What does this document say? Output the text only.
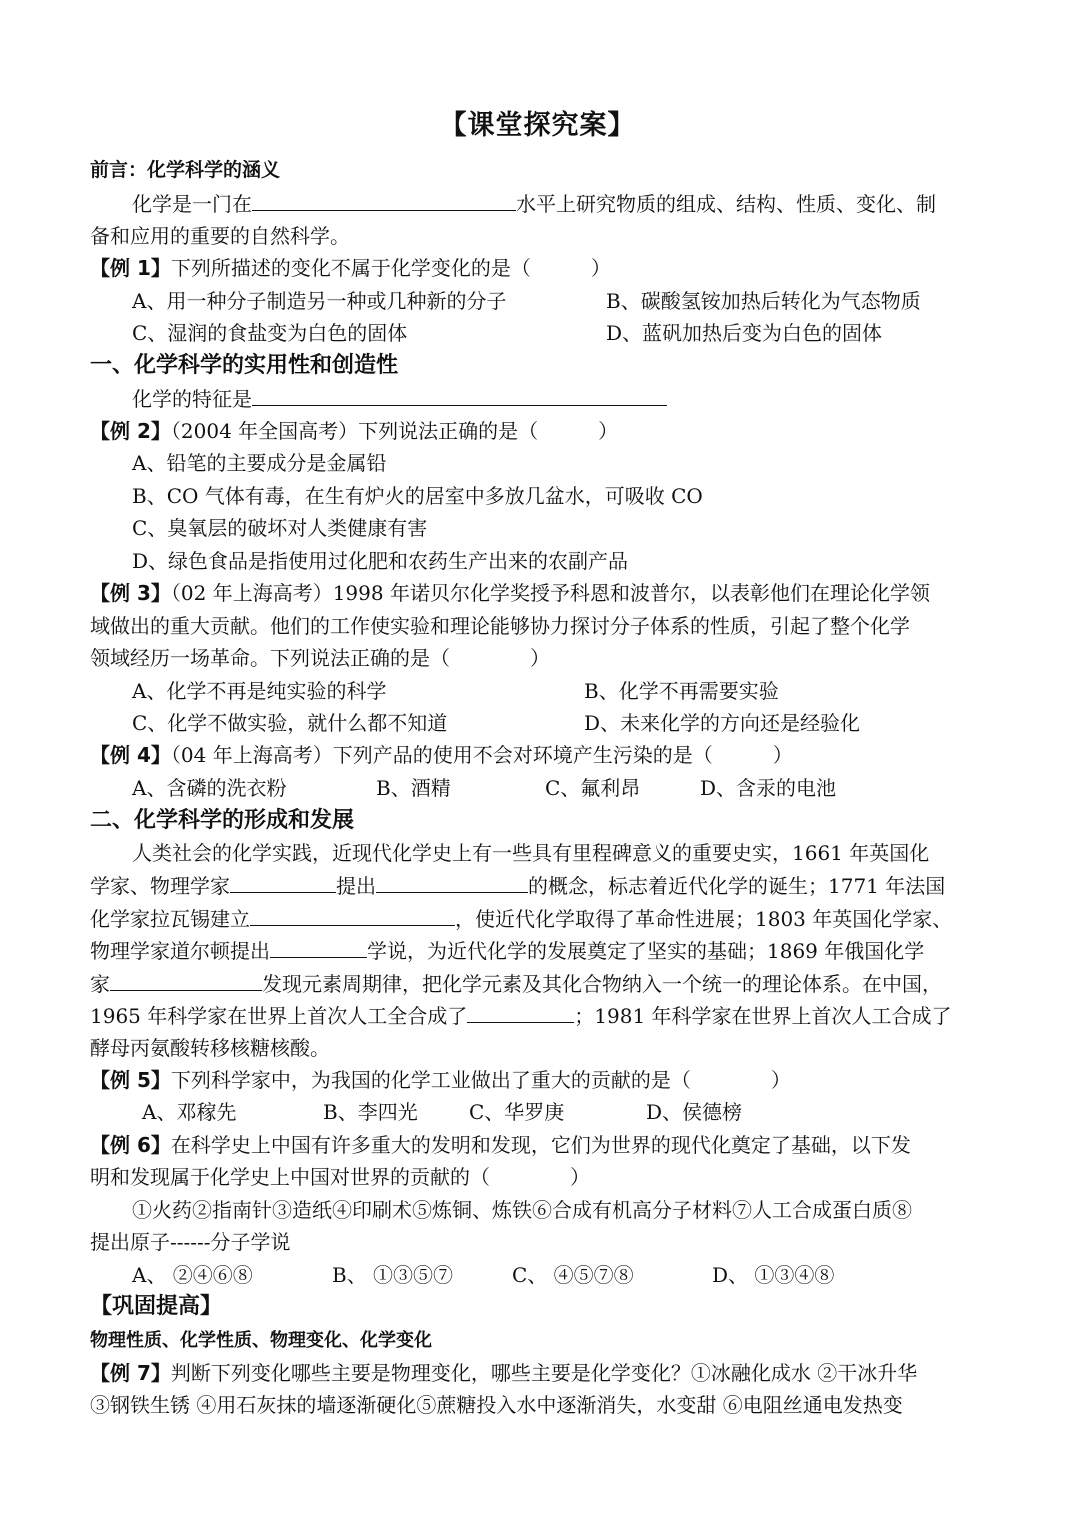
【课堂探究案】
前言：化学科学的涵义
化学是一门在	水平上研究物质的组成、结构、性质、变化、制
备和应用的重要的自然科学。
【例 1】下列所描述的变化不属于化学变化的是（　　　）
A、用一种分子制造另一种或几种新的分子	B、碳酸氢铵加热后转化为气态物质
C、湿润的食盐变为白色的固体	D、蓝矾加热后变为白色的固体
一、化学科学的实用性和创造性
化学的特征是
【例 2】（2004 年全国高考）下列说法正确的是（　　　）
A、铅笔的主要成分是金属铅
B、CO 气体有毒，在生有炉火的居室中多放几盆水，可吸收 CO
C、臭氧层的破坏对人类健康有害
D、绿色食品是指使用过化肥和农药生产出来的农副产品
【例 3】（02 年上海高考）1998 年诺贝尔化学奖授予科恩和波普尔，以表彰他们在理论化学领
域做出的重大贡献。他们的工作使实验和理论能够协力探讨分子体系的性质，引起了整个化学
领域经历一场革命。下列说法正确的是（　　　　）
A、化学不再是纯实验的科学	B、化学不再需要实验
C、化学不做实验，就什么都不知道	D、未来化学的方向还是经验化
【例 4】（04 年上海高考）下列产品的使用不会对环境产生污染的是（　　　）
A、含磷的洗衣粉	B、酒精	C、氟利昂	D、含汞的电池
二、化学科学的形成和发展
人类社会的化学实践，近现代化学史上有一些具有里程碑意义的重要史实，1661 年英国化
学家、物理学家	提出	的概念，标志着近代化学的诞生；1771 年法国
化学家拉瓦锡建立	，使近代化学取得了革命性进展；1803 年英国化学家、
物理学家道尔顿提出	学说，为近代化学的发展奠定了坚实的基础；1869 年俄国化学
家	发现元素周期律，把化学元素及其化合物纳入一个统一的理论体系。在中国，
1965 年科学家在世界上首次人工全合成了	；1981 年科学家在世界上首次人工合成了
酵母丙氨酸转移核糖核酸。
【例 5】下列科学家中，为我国的化学工业做出了重大的贡献的是（　　　　）
A、邓稼先	B、李四光	C、华罗庚	D、侯德榜
【例 6】在科学史上中国有许多重大的发明和发现，它们为世界的现代化奠定了基础，以下发
明和发现属于化学史上中国对世界的贡献的（　　　　）
①火药②指南针③造纸④印刷术⑤炼铜、炼铁⑥合成有机高分子材料⑦人工合成蛋白质⑧
提出原子------分子学说
A、 ②④⑥⑧	B、 ①③⑤⑦	C、 ④⑤⑦⑧	D、 ①③④⑧
【巩固提高】
物理性质、化学性质、物理变化、化学变化
【例 7】判断下列变化哪些主要是物理变化，哪些主要是化学变化？①冰融化成水 ②干冰升华
③钢铁生锈 ④用石灰抹的墙逐渐硬化⑤蔗糖投入水中逐渐消失，水变甜 ⑥电阻丝通电发热变
